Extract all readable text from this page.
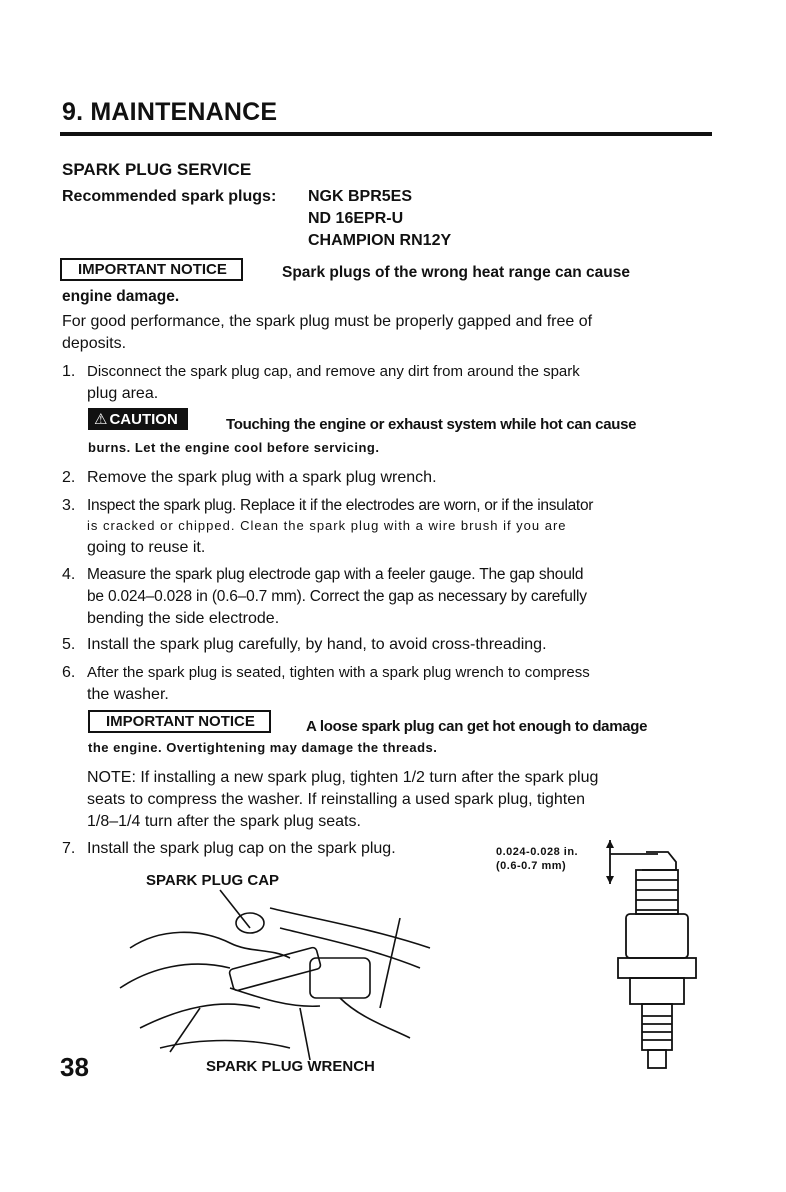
9. MAINTENANCE
SPARK PLUG SERVICE
Recommended spark plugs: NGK BPR5ES
ND 16EPR-U
CHAMPION RN12Y
IMPORTANT NOTICE	Spark plugs of the wrong heat range can cause
engine damage.
For good performance, the spark plug must be properly gapped and free of
deposits.
1. Disconnect the spark plug cap, and remove any dirt from around the spark
plug area.
⚠ CAUTION	Touching the engine or exhaust system while hot can cause
burns. Let the engine cool before servicing.
2. Remove the spark plug with a spark plug wrench.
3. Inspect the spark plug. Replace it if the electrodes are worn, or if the insulator
is cracked or chipped. Clean the spark plug with a wire brush if you are
going to reuse it.
4. Measure the spark plug electrode gap with a feeler gauge. The gap should
be 0.024–0.028 in (0.6–0.7 mm). Correct the gap as necessary by carefully
bending the side electrode.
5. Install the spark plug carefully, by hand, to avoid cross-threading.
6. After the spark plug is seated, tighten with a spark plug wrench to compress
the washer.
IMPORTANT NOTICE	A loose spark plug can get hot enough to damage
the engine. Overtightening may damage the threads.
NOTE: If installing a new spark plug, tighten 1/2 turn after the spark plug
seats to compress the washer. If reinstalling a used spark plug, tighten
1/8–1/4 turn after the spark plug seats.
7. Install the spark plug cap on the spark plug.	0.024-0.028 in.
(0.6-0.7 mm)
SPARK PLUG CAP
SPARK PLUG WRENCH
38
